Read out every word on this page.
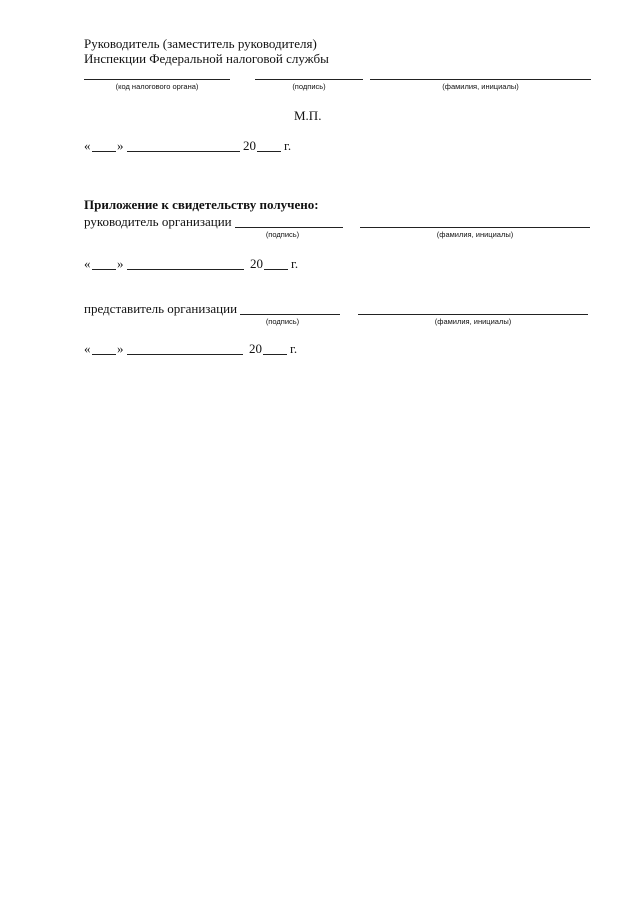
Руководитель (заместитель руководителя)
Инспекции Федеральной налоговой службы
(код налогового органа)	(подпись)	(фамилия, инициалы)
М.П.
« »	20 г.
Приложение к свидетельству получено:
руководитель организации
(подпись)	(фамилия, инициалы)
« »	20 г.
представитель организации
(подпись)	(фамилия, инициалы)
« »	20 г.
